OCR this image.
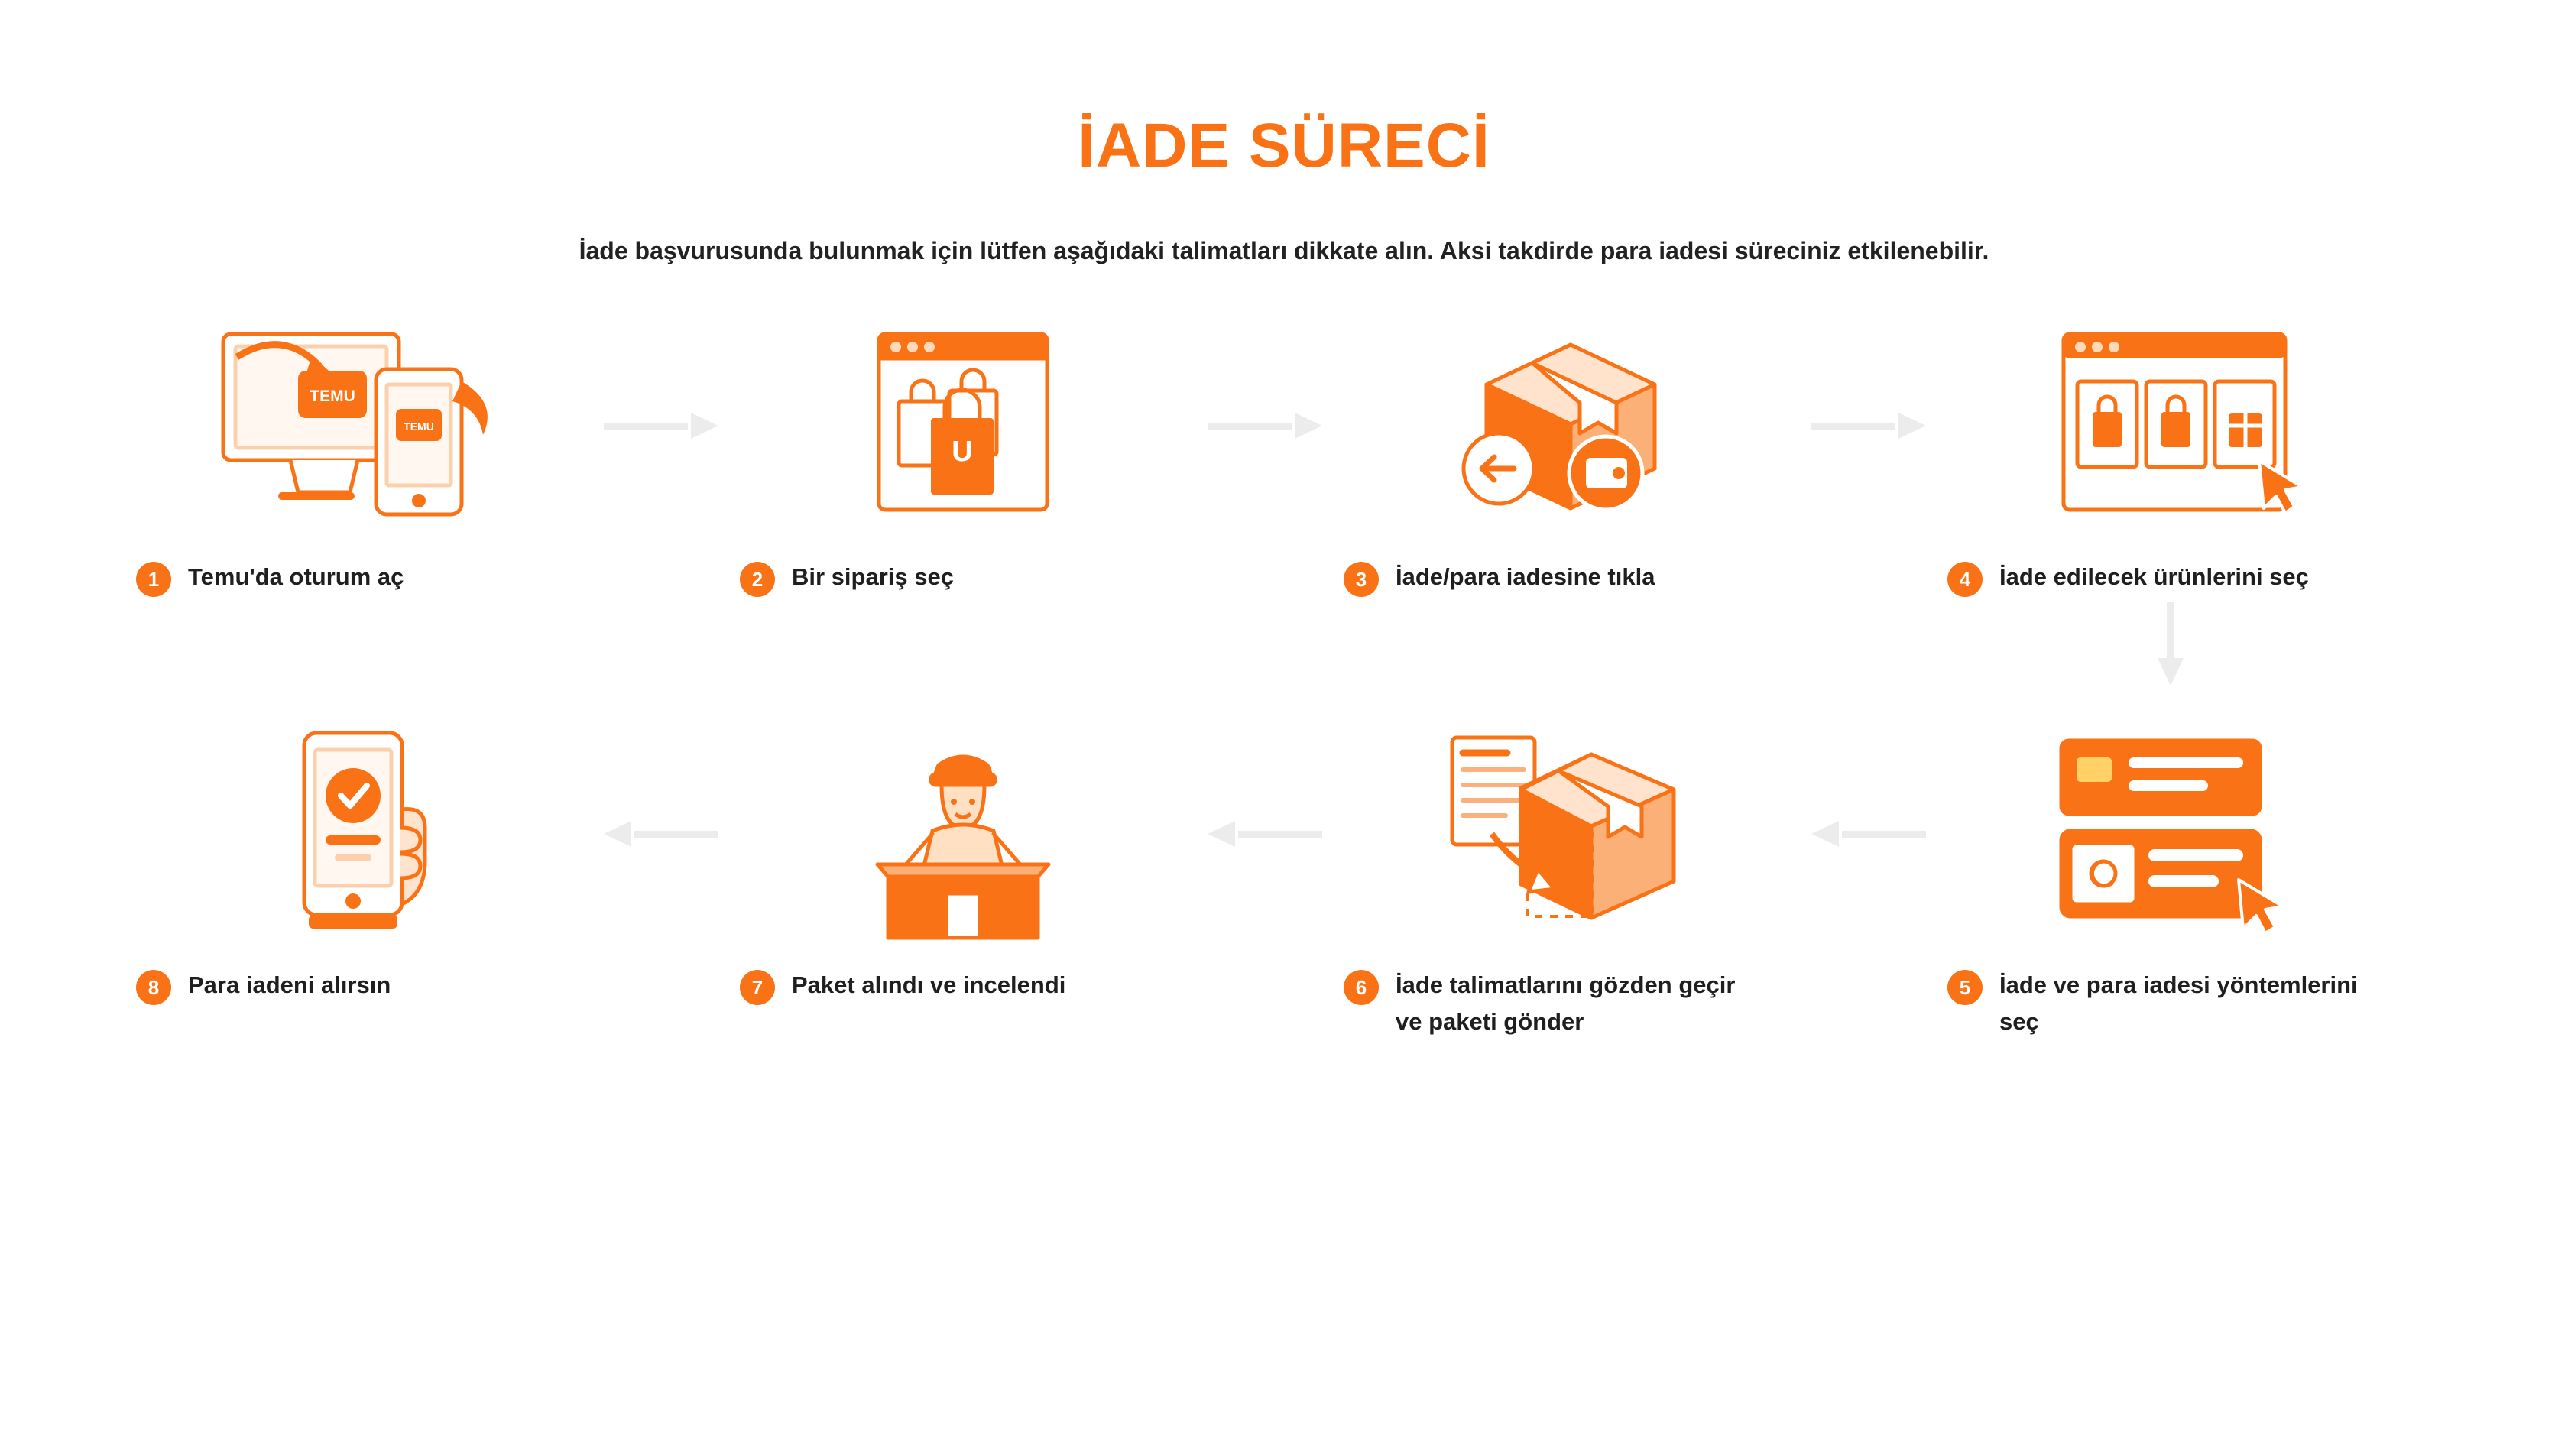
İADE SÜRECİ

İade başvurusunda bulunmak için lütfen aşağıdaki talimatları dikkate alın. Aksi takdirde para iadesi süreciniz etkilenebilir.

TEMU
TEMU
1	Temu'da oturum aç
U
2	Bir sipariş seç	3	İade/para iadesine tıkla	4	İade edilecek ürünlerini seç
8	Para iadeni alırsın	7	Paket alındı ve incelendi	6	İade talimatlarını gözden geçir ve paketi gönder
5	İade ve para iadesi yöntemlerini seç
